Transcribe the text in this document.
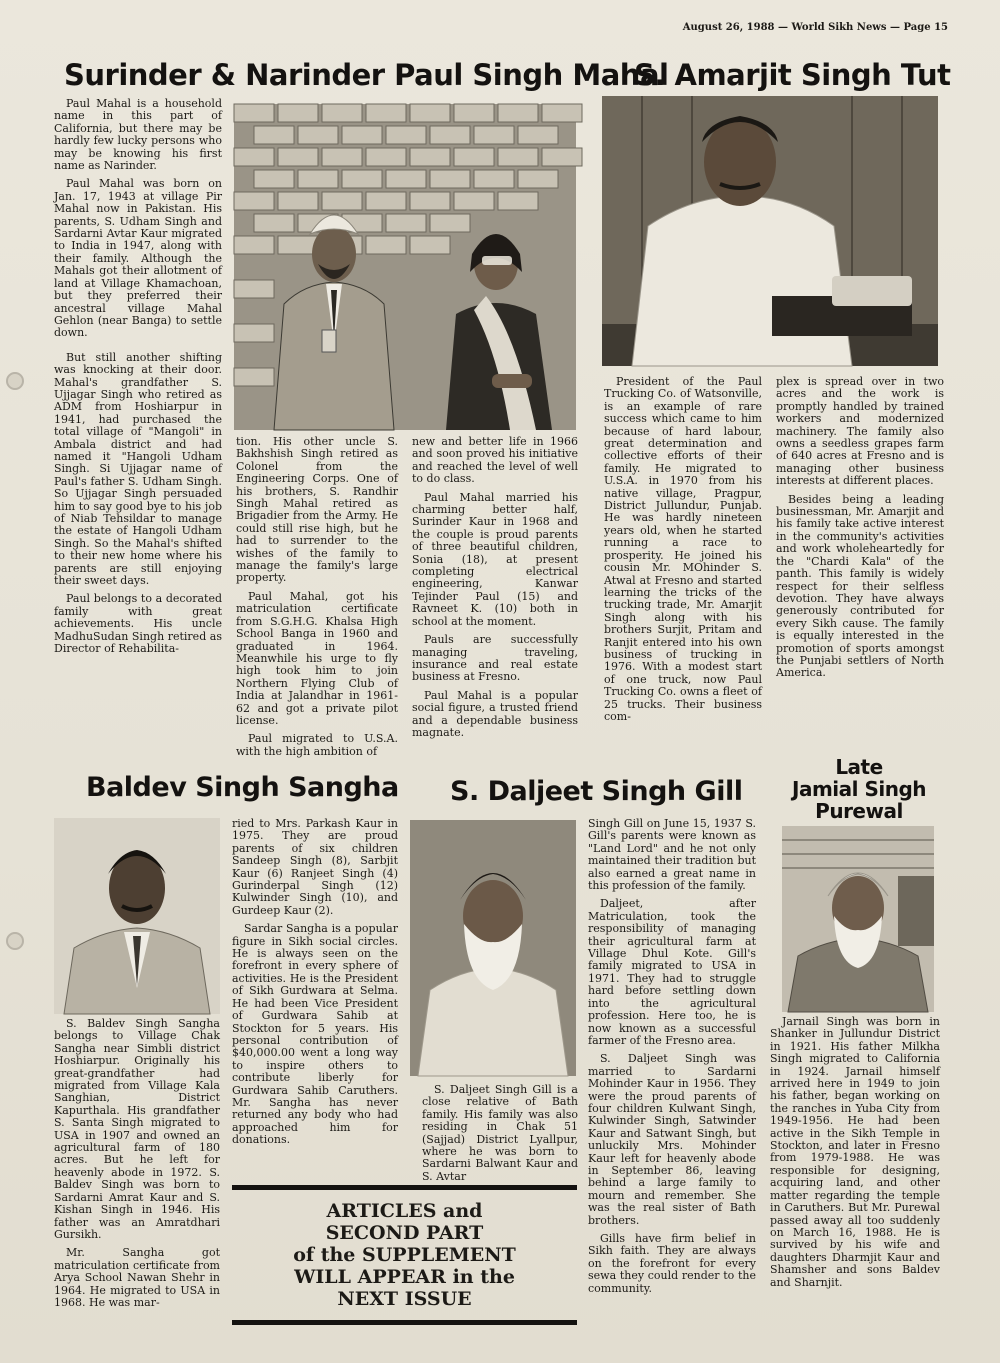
August 26, 1988 — World Sikh News — Page 15
Surinder & Narinder Paul Singh Mahal

Paul Mahal is a household name in this part of California, but there may be hardly few lucky persons who may be knowing his first name as Narinder.

Paul Mahal was born on Jan. 17, 1943 at village Pir Mahal now in Pakistan. His parents, S. Udham Singh and Sardarni Avtar Kaur migrated to India in 1947, along with their family. Although the Mahals got their allotment of land at Village Khamachoan, but they preferred their ancestral village Mahal Gehlon (near Banga) to settle down.

But still another shifting was knocking at their door. Mahal's grandfather S. Ujjagar Singh who retired as ADM from Hoshiarpur in 1941, had purchased the total village of "Mangoli" in Ambala district and had named it "Hangoli Udham Singh. Si Ujjagar name of Paul's father S. Udham Singh. So Ujjagar Singh persuaded him to say good bye to his job of Niab Tehsildar to manage the estate of Hangoli Udham Singh. So the Mahal's shifted to their new home where his parents are still enjoying their sweet days.

Paul belongs to a decorated family with great achievements. His uncle MadhuSudan Singh retired as Director of Rehabilita-

tion. His other uncle S. Bakhshish Singh retired as Colonel from the Engineering Corps. One of his brothers, S. Randhir Singh Mahal retired as Brigadier from the Army. He could still rise high, but he had to surrender to the wishes of the family to manage the family's large property.

Paul Mahal, got his matriculation certificate from S.G.H.G. Khalsa High School Banga in 1960 and graduated in 1964. Meanwhile his urge to fly high took him to join Northern Flying Club of India at Jalandhar in 1961-62 and got a private pilot license.

Paul migrated to U.S.A. with the high ambition of

new and better life in 1966 and soon proved his initiative and reached the level of well to do class.

Paul Mahal married his charming better half, Surinder Kaur in 1968 and the couple is proud parents of three beautiful children, Sonia (18), at present completing electrical engineering, Kanwar Tejinder Paul (15) and Ravneet K. (10) both in school at the moment.

Pauls are successfully managing traveling, insurance and real estate business at Fresno.

Paul Mahal is a popular social figure, a trusted friend and a dependable business magnate.

S. Amarjit Singh Tut

President of the Paul Trucking Co. of Watsonville, is an example of rare success which came to him because of hard labour, great determination and collective efforts of their family. He migrated to U.S.A. in 1970 from his native village, Pragpur, District Jullundur, Punjab. He was hardly nineteen years old, when he started running a race to prosperity. He joined his cousin Mr. MOhinder S. Atwal at Fresno and started learning the tricks of the trucking trade, Mr. Amarjit Singh along with his brothers Surjit, Pritam and Ranjit entered into his own business of trucking in 1976. With a modest start of one truck, now Paul Trucking Co. owns a fleet of 25 trucks. Their business com-

plex is spread over in two acres and the work is promptly handled by trained workers and modernized machinery. The family also owns a seedless grapes farm of 640 acres at Fresno and is managing other business interests at different places.

Besides being a leading businessman, Mr. Amarjit and his family take active interest in the community's activities and work wholeheartedly for the "Chardi Kala" of the panth. This family is widely respect for their selfless devotion. They have always generously contributed for every Sikh cause. The family is equally interested in the promotion of sports amongst the Punjabi settlers of North America.

Baldev Singh Sangha

S. Baldev Singh Sangha belongs to Village Chak Sangha near Simbli district Hoshiarpur. Originally his great-grandfather had migrated from Village Kala Sanghian, District Kapurthala. His grandfather S. Santa Singh migrated to USA in 1907 and owned an agricultural farm of 180 acres. But he left for heavenly abode in 1972. S. Baldev Singh was born to Sardarni Amrat Kaur and S. Kishan Singh in 1946. His father was an Amratdhari Gursikh.

Mr. Sangha got matriculation certificate from Arya School Nawan Shehr in 1964. He migrated to USA in 1968. He was mar-

ried to Mrs. Parkash Kaur in 1975. They are proud parents of six children Sandeep Singh (8), Sarbjit Kaur (6) Ranjeet Singh (4) Gurinderpal Singh (12) Kulwinder Singh (10), and Gurdeep Kaur (2).

Sardar Sangha is a popular figure in Sikh social circles. He is always seen on the forefront in every sphere of activities. He is the President of Sikh Gurdwara at Selma. He had been Vice President of Gurdwara Sahib at Stockton for 5 years. His personal contribution of $40,000.00 went a long way to inspire others to contribute liberly for Gurdwara Sahib Caruthers. Mr. Sangha has never returned any body who had approached him for donations.

S. Daljeet Singh Gill

S. Daljeet Singh Gill is a close relative of Bath family. His family was also residing in Chak 51 (Sajjad) District Lyallpur, where he was born to Sardarni Balwant Kaur and S. Avtar

Singh Gill on June 15, 1937 S. Gill's parents were known as "Land Lord" and he not only maintained their tradition but also earned a great name in this profession of the family.

Daljeet, after Matriculation, took the responsibility of managing their agricultural farm at Village Dhul Kote. Gill's family migrated to USA in 1971. They had to struggle hard before settling down into the agricultural profession. Here too, he is now known as a successful farmer of the Fresno area.

S. Daljeet Singh was married to Sardarni Mohinder Kaur in 1956. They were the proud parents of four children Kulwant Singh, Kulwinder Singh, Satwinder Kaur and Satwant Singh, but unluckily Mrs. Mohinder Kaur left for heavenly abode in September 86, leaving behind a large family to mourn and remember. She was the real sister of Bath brothers.

Gills have firm belief in Sikh faith. They are always on the forefront for every sewa they could render to the community.

ARTICLES and
SECOND PART
of the SUPPLEMENT
WILL APPEAR in the
NEXT ISSUE
Late
Jamial Singh
Purewal

Jarnail Singh was born in Shanker in Jullundur District in 1921. His father Milkha Singh migrated to California in 1924. Jarnail himself arrived here in 1949 to join his father, began working on the ranches in Yuba City from 1949-1956. He had been active in the Sikh Temple in Stockton, and later in Fresno from 1979-1988. He was responsible for designing, acquiring land, and other matter regarding the temple in Caruthers. But Mr. Purewal passed away all too suddenly on March 16, 1988. He is survived by his wife and daughters Dharmjit Kaur and Shamsher and sons Baldev and Sharnjit.
